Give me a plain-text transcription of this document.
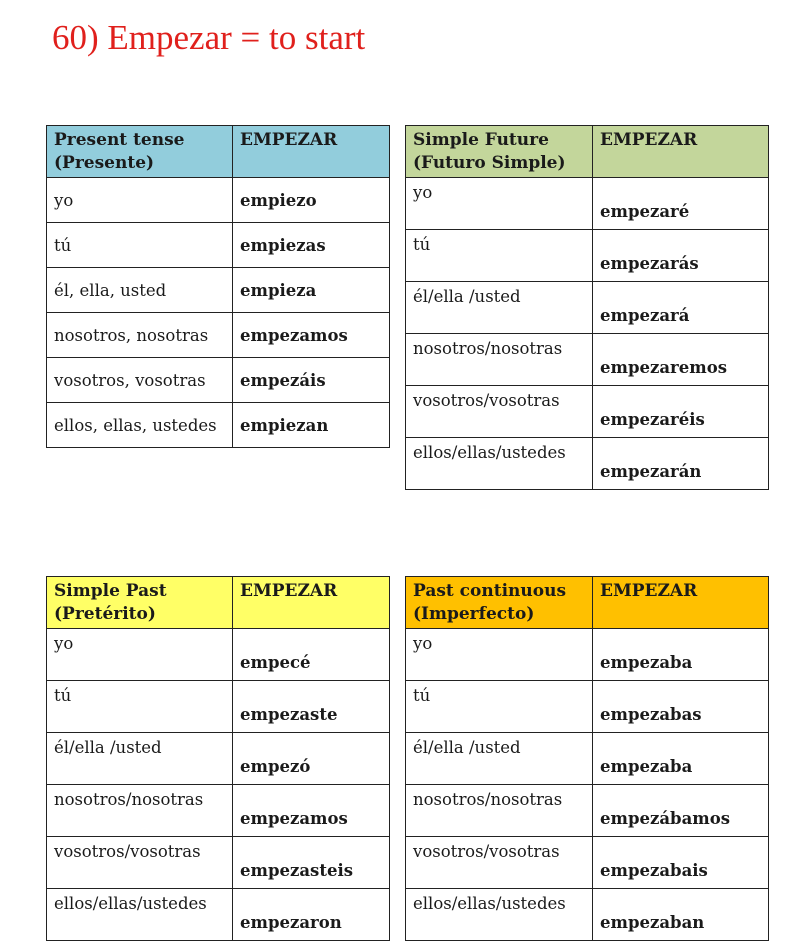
60) Empezar = to start
Present tense
(Presente)	EMPEZAR
yo	empiezo
tú	empiezas
él, ella, usted	empieza
nosotros, nosotras	empezamos
vosotros, vosotras	empezáis
ellos, ellas, ustedes	empiezan
Simple Future
(Futuro Simple)	EMPEZAR
yo	empezaré
tú	empezarás
él/ella /usted	empezará
nosotros/nosotras	empezaremos
vosotros/vosotras	empezaréis
ellos/ellas/ustedes	empezarán
Simple Past
(Pretérito)	EMPEZAR
yo	empecé
tú	empezaste
él/ella /usted	empezó
nosotros/nosotras	empezamos
vosotros/vosotras	empezasteis
ellos/ellas/ustedes	empezaron
Past continuous
(Imperfecto)	EMPEZAR
yo	empezaba
tú	empezabas
él/ella /usted	empezaba
nosotros/nosotras	empezábamos
vosotros/vosotras	empezabais
ellos/ellas/ustedes	empezaban
